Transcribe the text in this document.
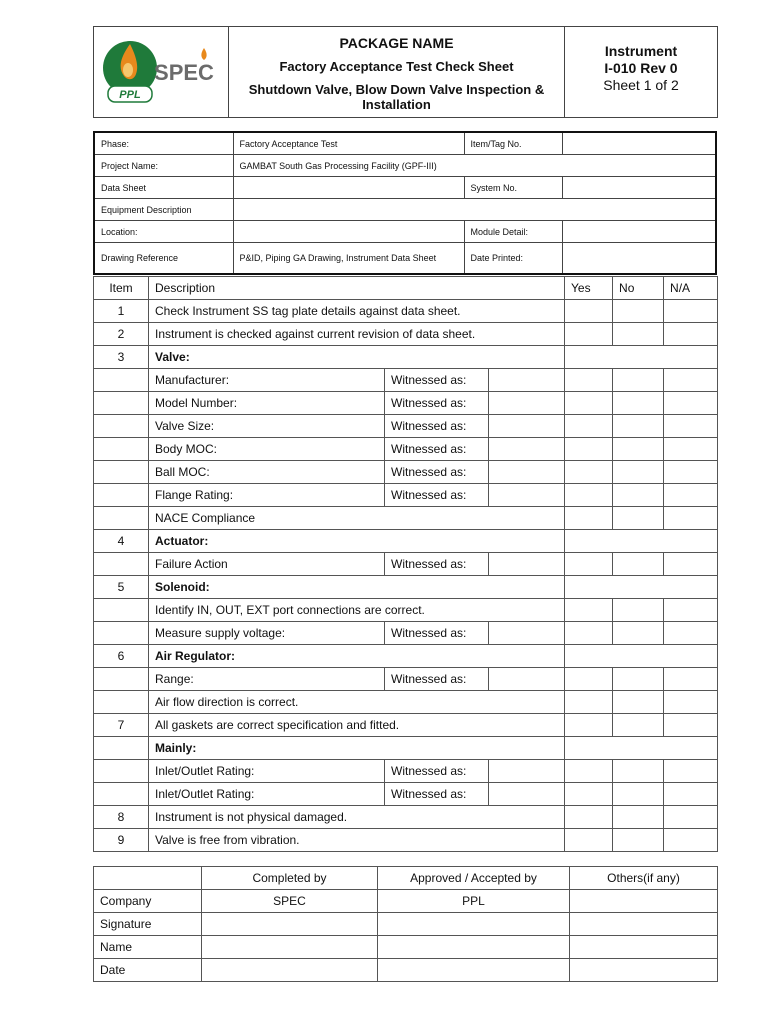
PPL
SPEC

PACKAGE NAME
Factory Acceptance Test Check Sheet
Shutdown Valve, Blow Down Valve Inspection & Installation

Instrument
I-010 Rev 0
Sheet 1 of 2
Phase:	Factory Acceptance Test	Item/Tag No.	
Project Name:	GAMBAT South Gas Processing Facility (GPF-III)		
Data Sheet		System No.	
Equipment Description			
Location:		Module Detail:	
Drawing Reference	P&ID, Piping GA Drawing, Instrument Data Sheet	Date Printed:	
Item	Description			Yes	No	N/A
1	Check Instrument SS tag plate details against data sheet.					
2	Instrument is checked against current revision of data sheet.					
3	Valve:					
	Manufacturer:	Witnessed as:				
	Model Number:	Witnessed as:				
	Valve Size:	Witnessed as:				
	Body MOC:	Witnessed as:				
	Ball MOC:	Witnessed as:				
	Flange Rating:	Witnessed as:				
	NACE Compliance					
4	Actuator:					
	Failure Action	Witnessed as:				
5	Solenoid:					
	Identify IN, OUT, EXT port connections are correct.					
	Measure supply voltage:	Witnessed as:				
6	Air Regulator:					
	Range:	Witnessed as:				
	Air flow direction is correct.					
7	All gaskets are correct specification and fitted.					
	Mainly:					
	Inlet/Outlet Rating:	Witnessed as:				
	Inlet/Outlet Rating:	Witnessed as:				
8	Instrument is not physical damaged.					
9	Valve is free from vibration.					
	Completed by	Approved / Accepted by	Others(if any)
Company	SPEC	PPL	
Signature			
Name			
Date			
